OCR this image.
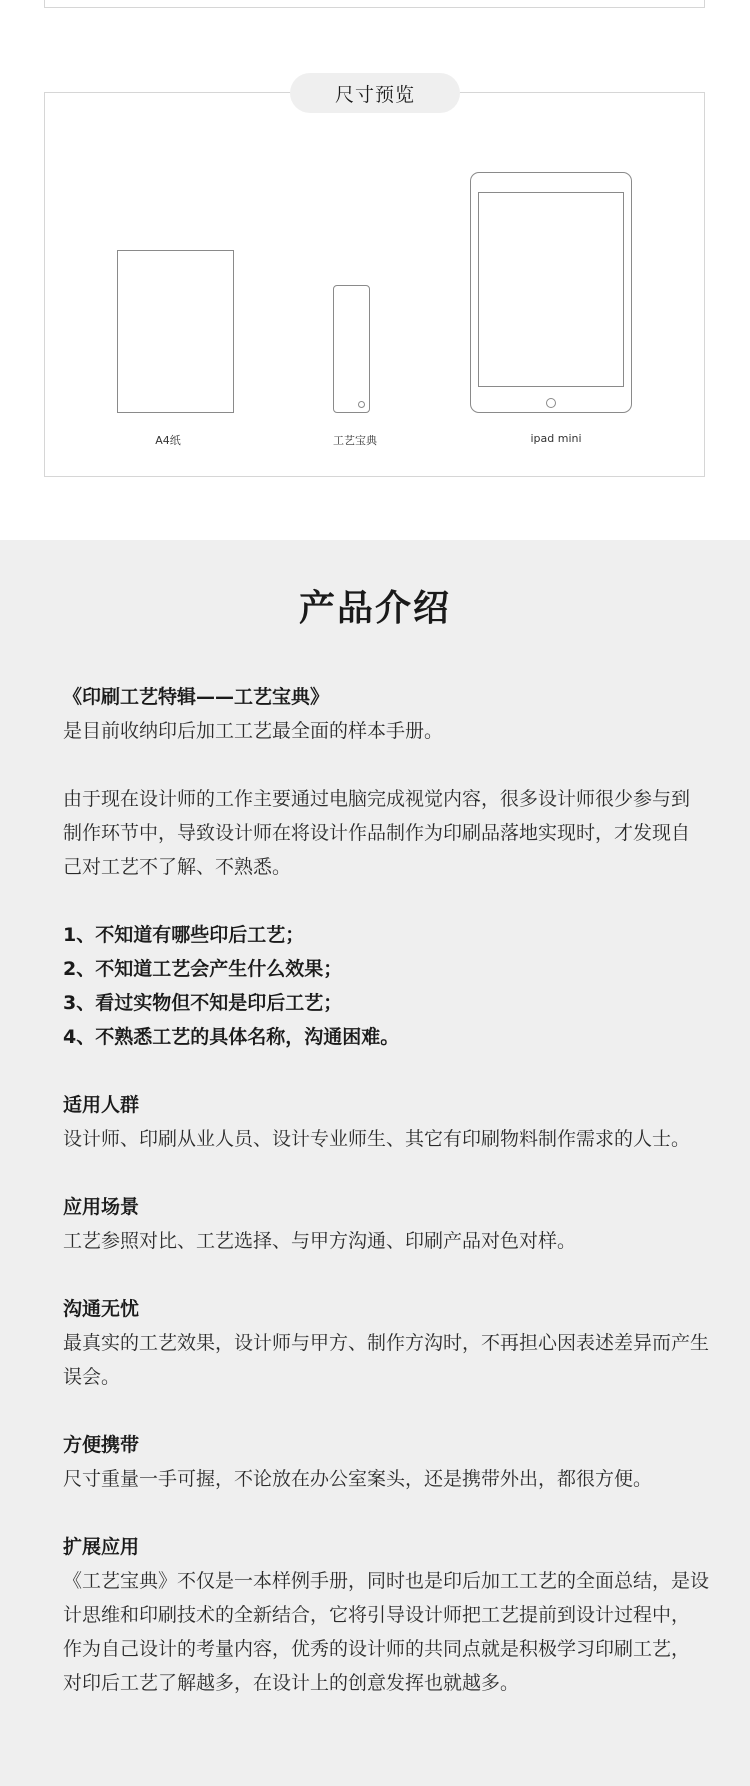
尺寸预览
A4纸	工艺宝典	ipad mini
产品介绍

《印刷工艺特辑——工艺宝典》
是目前收纳印后加工工艺最全面的样本手册。

由于现在设计师的工作主要通过电脑完成视觉内容，很多设计师很少参与到
制作环节中，导致设计师在将设计作品制作为印刷品落地实现时，才发现自
己对工艺不了解、不熟悉。

1、不知道有哪些印后工艺；
2、不知道工艺会产生什么效果；
3、看过实物但不知是印后工艺；
4、不熟悉工艺的具体名称，沟通困难。

适用人群
设计师、印刷从业人员、设计专业师生、其它有印刷物料制作需求的人士。

应用场景
工艺参照对比、工艺选择、与甲方沟通、印刷产品对色对样。

沟通无忧
最真实的工艺效果，设计师与甲方、制作方沟时，不再担心因表述差异而产生
误会。

方便携带
尺寸重量一手可握，不论放在办公室案头，还是携带外出，都很方便。

扩展应用
《工艺宝典》不仅是一本样例手册，同时也是印后加工工艺的全面总结，是设
计思维和印刷技术的全新结合，它将引导设计师把工艺提前到设计过程中，
作为自己设计的考量内容，优秀的设计师的共同点就是积极学习印刷工艺，
对印后工艺了解越多，在设计上的创意发挥也就越多。
